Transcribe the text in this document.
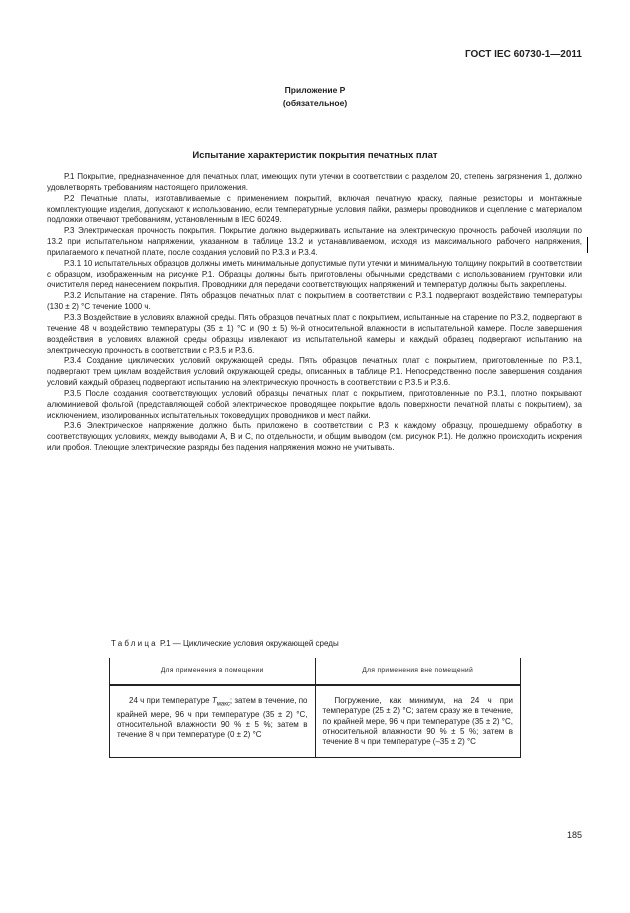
ГОСТ IEC 60730-1—2011
Приложение Р
(обязательное)
Испытание характеристик покрытия печатных плат

Р.1 Покрытие, предназначенное для печатных плат, имеющих пути утечки в соответствии с разделом 20, степень загрязнения 1, должно удовлетворять требованиям настоящего приложения.

Р.2 Печатные платы, изготавливаемые с применением покрытий, включая печатную краску, паяные резисторы и монтажные комплектующие изделия, допускают к использованию, если температурные условия пайки, размеры проводников и сцепление с материалом подложки отвечают требованиям, установленным в IEC 60249.

Р.3 Электрическая прочность покрытия. Покрытие должно выдерживать испытание на электрическую прочность рабочей изоляции по 13.2 при испытательном напряжении, указанном в таблице 13.2 и устанавливаемом, исходя из максимального рабочего напряжения, прилагаемого к печатной плате, после создания условий по Р.3.3 и Р.3.4.

Р.3.1 10 испытательных образцов должны иметь минимальные допустимые пути утечки и минимальную толщину покрытий в соответствии с образцом, изображенным на рисунке Р.1. Образцы должны быть приготовлены обычными средствами с использованием грунтовки или очистителя перед нанесением покрытия. Проводники для передачи соответствующих напряжений и температур должны быть закреплены.

Р.3.2 Испытание на старение. Пять образцов печатных плат с покрытием в соответствии с Р.3.1 подвергают воздействию температуры (130 ± 2) °С течение 1000 ч.

Р.3.3 Воздействие в условиях влажной среды. Пять образцов печатных плат с покрытием, испытанные на старение по Р.3.2, подвергают в течение 48 ч воздействию температуры (35 ± 1) °С и (90 ± 5) %-й относительной влажности в испытательной камере. После завершения воздействия в условиях влажной среды образцы извлекают из испытательной камеры и каждый образец подвергают испытанию на электрическую прочность в соответствии с Р.3.5 и Р.3.6.

Р.3.4 Создание циклических условий окружающей среды. Пять образцов печатных плат с покрытием, приготовленные по Р.3.1, подвергают трем циклам воздействия условий окружающей среды, описанных в таблице Р.1. Непосредственно после завершения создания условий каждый образец подвергают испытанию на электрическую прочность в соответствии с Р.3.5 и Р.3.6.

Р.3.5 После создания соответствующих условий образцы печатных плат с покрытием, приготовленные по Р.3.1, плотно покрывают алюминиевой фольгой (представляющей собой электрическое проводящее покрытие вдоль поверхности печатной платы с покрытием), за исключением, изолированных испытательных токоведущих проводников и мест пайки.

Р.3.6 Электрическое напряжение должно быть приложено в соответствии с Р.3 к каждому образцу, прошедшему обработку в соответствующих условиях, между выводами А, В и С, по отдельности, и общим выводом (см. рисунок Р.1). Не должно происходить искрения или пробоя. Тлеющие электрические разряды без падения напряжения можно не учитывать.

Таблица Р.1 — Циклические условия окружающей среды
Для применения в помещении	Для применения вне помещений

24 ч при температуре $T_{макс}$; затем в течение, по крайней мере, 96 ч при температуре (35 ± 2) °С, относительной влажности 90 % ± 5 %; затем в течение 8 ч при температуре (0 ± 2) °С	Погружение, как минимум, на 24 ч при температуре (25 ± 2) °С; затем сразу же в течение, по крайней мере, 96 ч при температуре (35 ± 2) °С, относительной влажности 90 % ± 5 %; затем в течение 8 ч при температуре (–35 ± 2) °С
185
